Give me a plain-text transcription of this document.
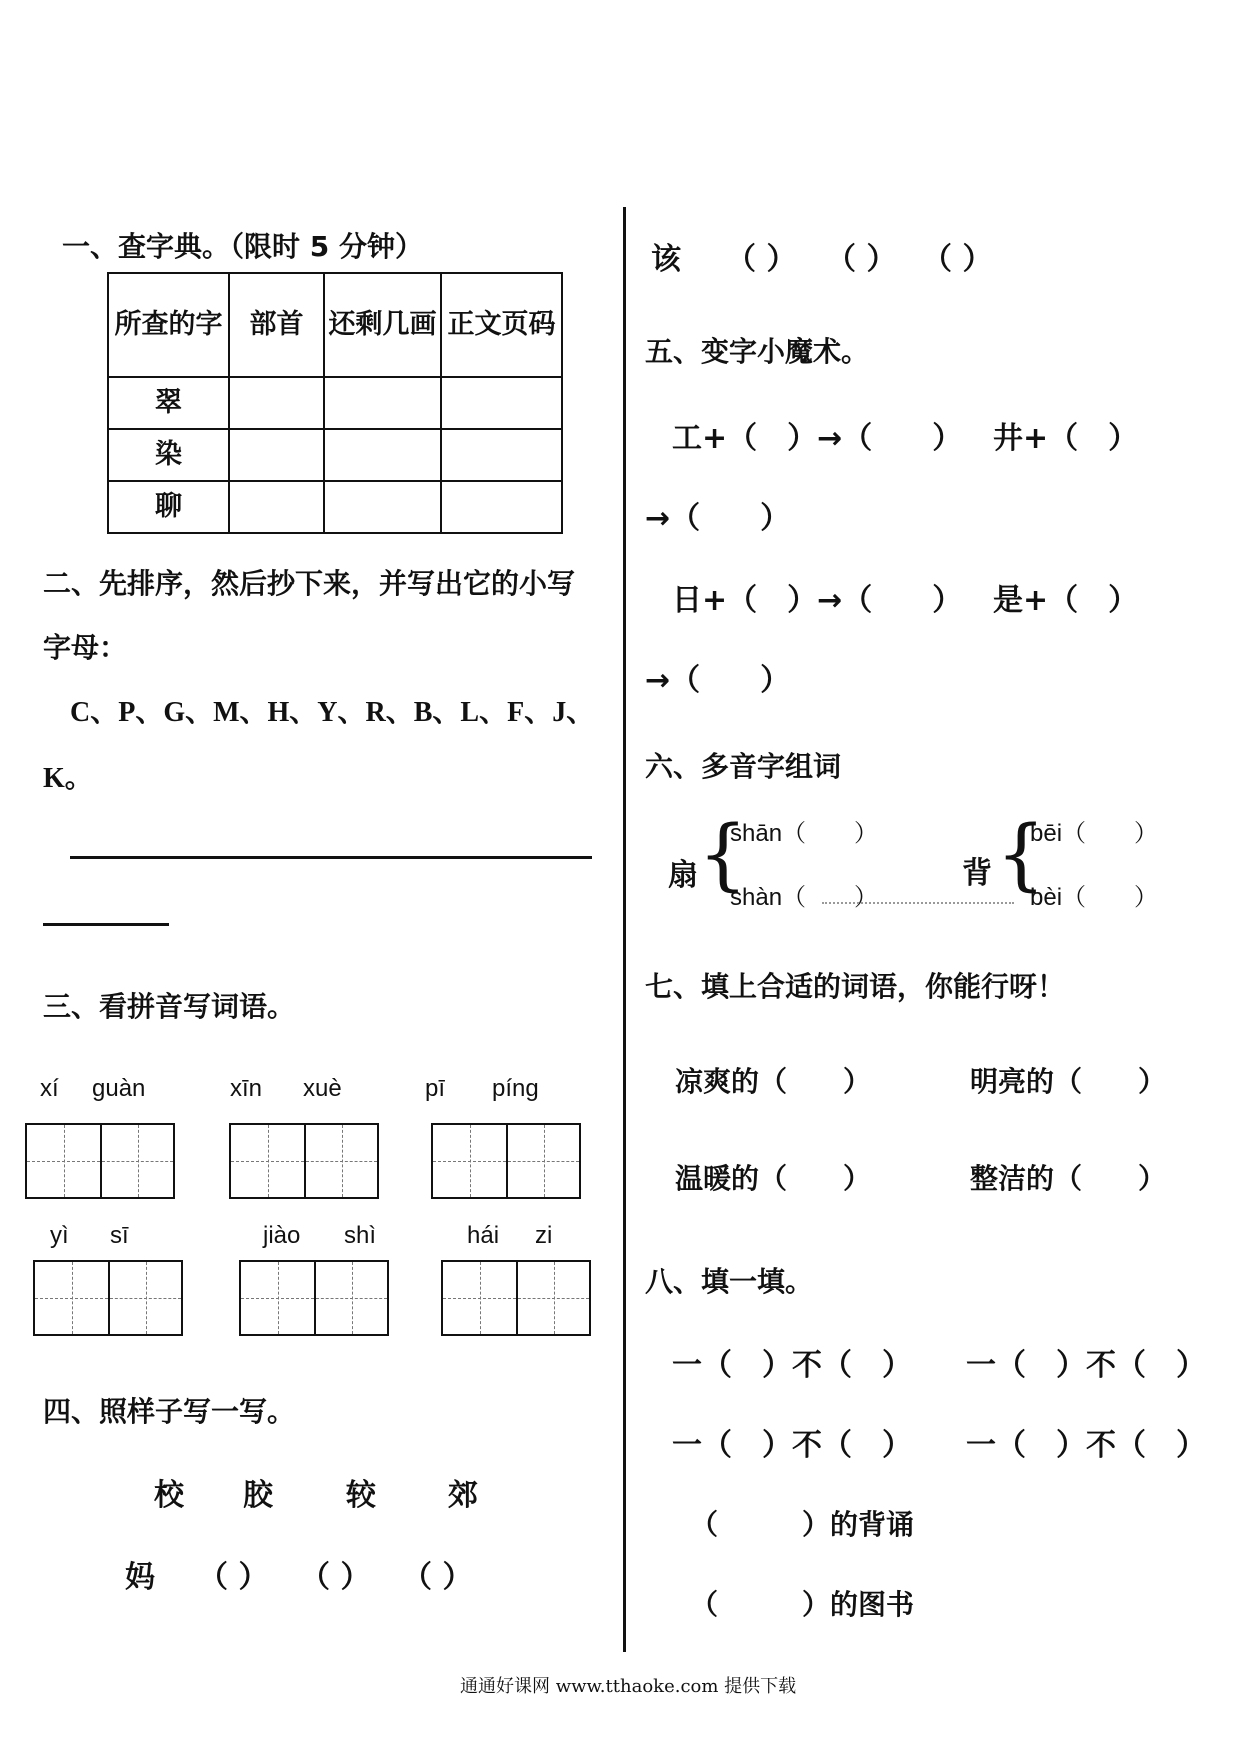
一、查字典。（限时 5 分钟）
所查的字	部首	还剩几画	正文页码
翠			
染			
聊			
二、先排序，然后抄下来，并写出它的小写
字母：
C、P、G、M、H、Y、R、B、L、F、J、
K。
三、看拼音写词语。
xí guàn	xīn xuè	pī píng
yì sī	jiào shì	hái zi
四、照样子写一写。
校 胶 较 郊
妈 （ ） （ ） （ ）
该 （ ） （ ） （ ）
五、变字小魔术。
工+（　）→（　　） 井+（　）
→（　　）
日+（　）→（　　） 是+（　）
→（　　）
六、多音字组词
扇 {
shān（　　）
shàn（　　）
背 {
bēi（　　）
bèi（　　）
七、填上合适的词语，你能行呀！
凉爽的（　　）	明亮的（　　）
温暖的（　　）	整洁的（　　）
八、填一填。
一（　）不（　） 一（　）不（　）
一（　）不（　） 一（　）不（　）
（　　　）的背诵
（　　　）的图书
通通好课网 www.tthaoke.com 提供下载
